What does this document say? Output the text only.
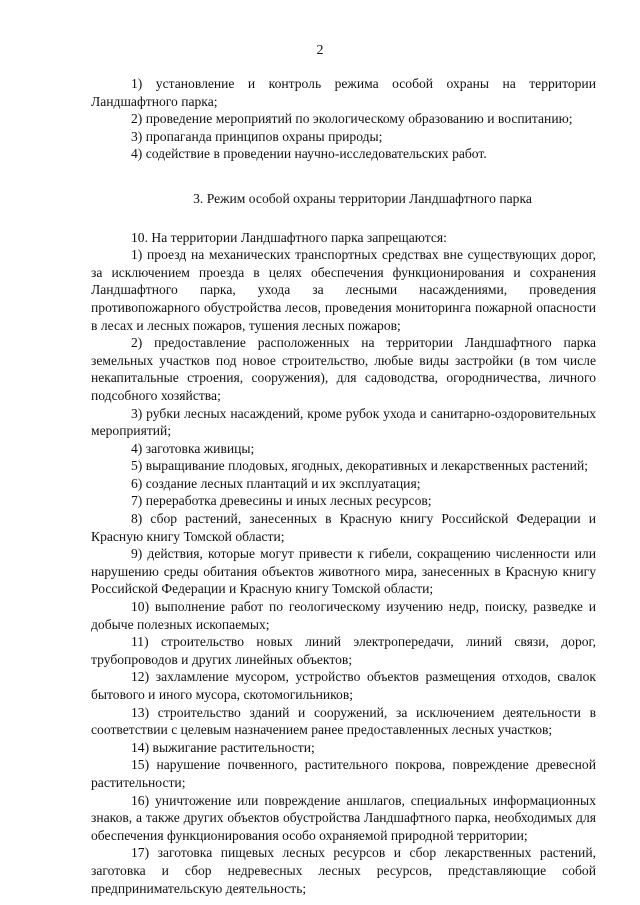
2

1) установление и контроль режима особой охраны на территории Ландшафтного парка;

2) проведение мероприятий по экологическому образованию и воспитанию;

3) пропаганда принципов охраны природы;

4) содействие в проведении научно-исследовательских работ.

3. Режим особой охраны территории Ландшафтного парка

10. На территории Ландшафтного парка запрещаются:

1) проезд на механических транспортных средствах вне существующих дорог, за исключением проезда в целях обеспечения функционирования и сохранения Ландшафтного парка, ухода за лесными насаждениями, проведения противопожарного обустройства лесов, проведения мониторинга пожарной опасности в лесах и лесных пожаров, тушения лесных пожаров;

2) предоставление расположенных на территории Ландшафтного парка земельных участков под новое строительство, любые виды застройки (в том числе некапитальные строения, сооружения), для садоводства, огородничества, личного подсобного хозяйства;

3) рубки лесных насаждений, кроме рубок ухода и санитарно-оздоровительных мероприятий;

4) заготовка живицы;

5) выращивание плодовых, ягодных, декоративных и лекарственных растений;

6) создание лесных плантаций и их эксплуатация;

7) переработка древесины и иных лесных ресурсов;

8) сбор растений, занесенных в Красную книгу Российской Федерации и Красную книгу Томской области;

9) действия, которые могут привести к гибели, сокращению численности или нарушению среды обитания объектов животного мира, занесенных в Красную книгу Российской Федерации и Красную книгу Томской области;

10) выполнение работ по геологическому изучению недр, поиску, разведке и добыче полезных ископаемых;

11) строительство новых линий электропередачи, линий связи, дорог, трубопроводов и других линейных объектов;

12) захламление мусором, устройство объектов размещения отходов, свалок бытового и иного мусора, скотомогильников;

13) строительство зданий и сооружений, за исключением деятельности в соответствии с целевым назначением ранее предоставленных лесных участков;

14) выжигание растительности;

15) нарушение почвенного, растительного покрова, повреждение древесной растительности;

16) уничтожение или повреждение аншлагов, специальных информационных знаков, а также других объектов обустройства Ландшафтного парка, необходимых для обеспечения функционирования особо охраняемой природной территории;

17) заготовка пищевых лесных ресурсов и сбор лекарственных растений, заготовка и сбор недревесных лесных ресурсов, представляющие собой предпринимательскую деятельность;
